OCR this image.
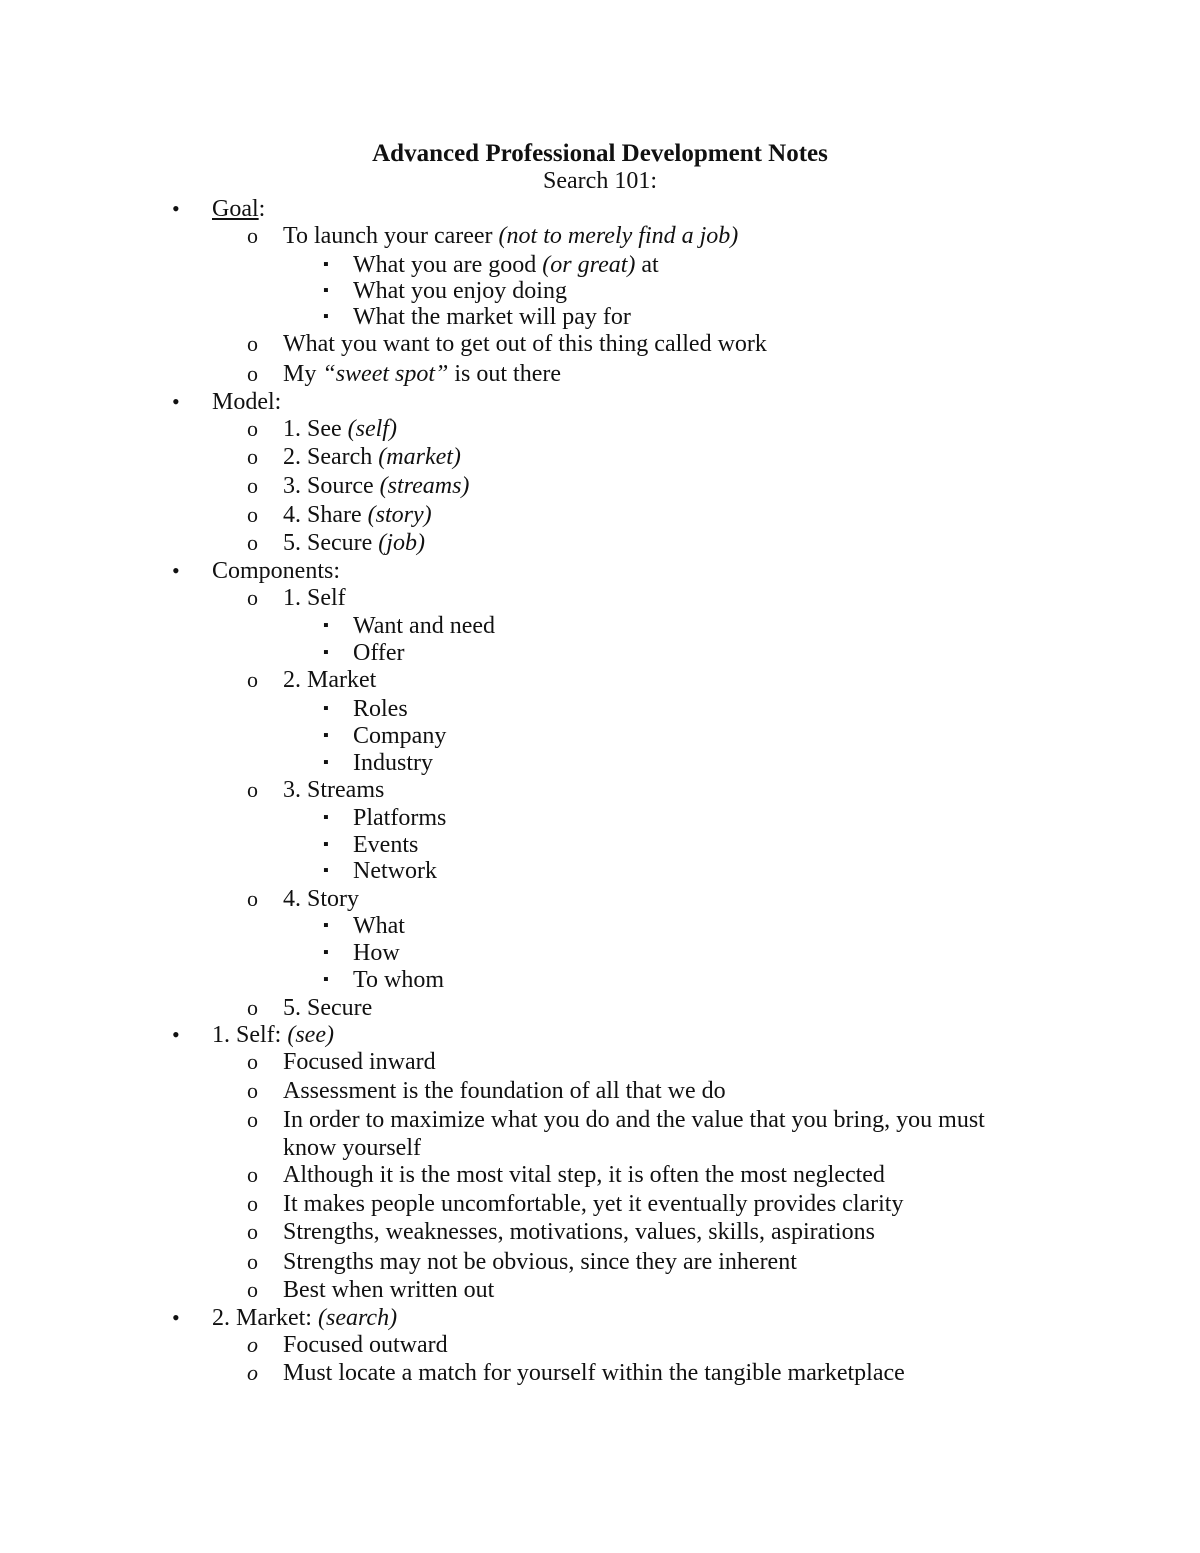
Advanced Professional Development Notes
Search 101:
• Goal:
o To launch your career (not to merely find a job)
▪ What you are good (or great) at
▪ What you enjoy doing
▪ What the market will pay for
o What you want to get out of this thing called work
o My “sweet spot” is out there
• Model:
o 1. See (self)
o 2. Search (market)
o 3. Source (streams)
o 4. Share (story)
o 5. Secure (job)
• Components:
o 1. Self
▪ Want and need
▪ Offer
o 2. Market
▪ Roles
▪ Company
▪ Industry
o 3. Streams
▪ Platforms
▪ Events
▪ Network
o 4. Story
▪ What
▪ How
▪ To whom
o 5. Secure
• 1. Self: (see)
o Focused inward
o Assessment is the foundation of all that we do
o In order to maximize what you do and the value that you bring, you must know yourself
o Although it is the most vital step, it is often the most neglected
o It makes people uncomfortable, yet it eventually provides clarity
o Strengths, weaknesses, motivations, values, skills, aspirations
o Strengths may not be obvious, since they are inherent
o Best when written out
• 2. Market: (search)
o Focused outward
o Must locate a match for yourself within the tangible marketplace
